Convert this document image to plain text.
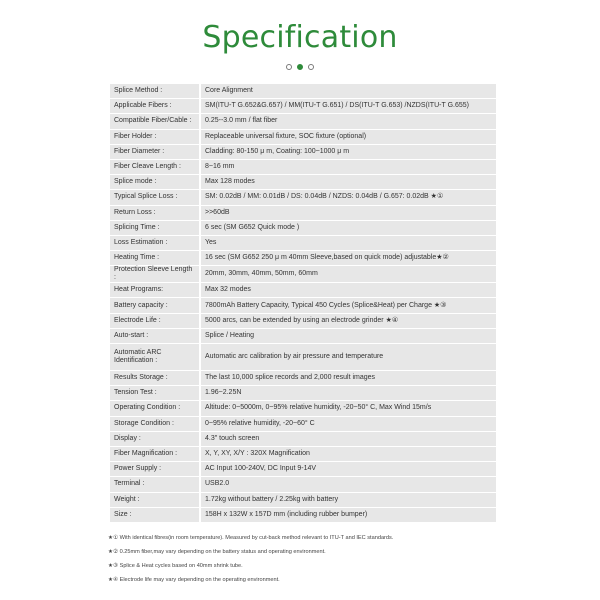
Specification
Splice Method :	Core Alignment
Applicable Fibers :	SM(ITU-T G.652&G.657) / MM(ITU-T G.651) / DS(ITU-T G.653) /NZDS(ITU-T G.655)
Compatible Fiber/Cable :	0.25--3.0 mm / flat fiber
Fiber Holder :	Replaceable universal fixture, SOC fixture (optional)
Fiber Diameter :	Cladding: 80-150 μ m, Coating: 100~1000 μ m
Fiber Cleave Length :	8~16 mm
Splice mode :	Max 128 modes
Typical Splice Loss :	SM: 0.02dB / MM: 0.01dB / DS: 0.04dB / NZDS: 0.04dB / G.657: 0.02dB ★①
Return Loss :	>>60dB
Splicing Time :	6 sec (SM G652 Quick mode )
Loss Estimation :	Yes
Heating Time :	16 sec (SM G652 250 μ m 40mm Sleeve,based on quick mode) adjustable★②
Protection Sleeve Length :	20mm, 30mm, 40mm, 50mm, 60mm
Heat Programs:	Max 32 modes
Battery capacity :	7800mAh Battery Capacity, Typical 450 Cycles (Splice&Heat) per Charge ★③
Electrode Life :	5000 arcs, can be extended by using an electrode grinder ★④
Auto-start :	Splice / Heating
Automatic ARC Identification :	Automatic arc calibration by air pressure and temperature
Results Storage :	The last 10,000 splice records and 2,000 result images
Tension Test :	1.96~2.25N
Operating Condition :	Altitude: 0~5000m, 0~95% relative humidity, -20~50° C, Max Wind 15m/s
Storage Condition :	0~95% relative humidity, -20~60° C
Display :	4.3″ touch screen
Fiber Magnification :	X, Y, XY, X/Y : 320X Magnification
Power Supply :	AC Input 100-240V, DC Input 9-14V
Terminal :	USB2.0
Weight :	1.72kg without battery / 2.25kg with battery
Size :	158H x 132W x 157D mm (including rubber bumper)
★① With identical fibres(in room temperature). Measured by cut-back method relevant to ITU-T and IEC standards.
★② 0.25mm fiber,may vary depending on the battery status and operating environment.
★③ Splice & Heat cycles based on 40mm shrink tube.
★④ Electrode life may vary depending on the operating environment.
